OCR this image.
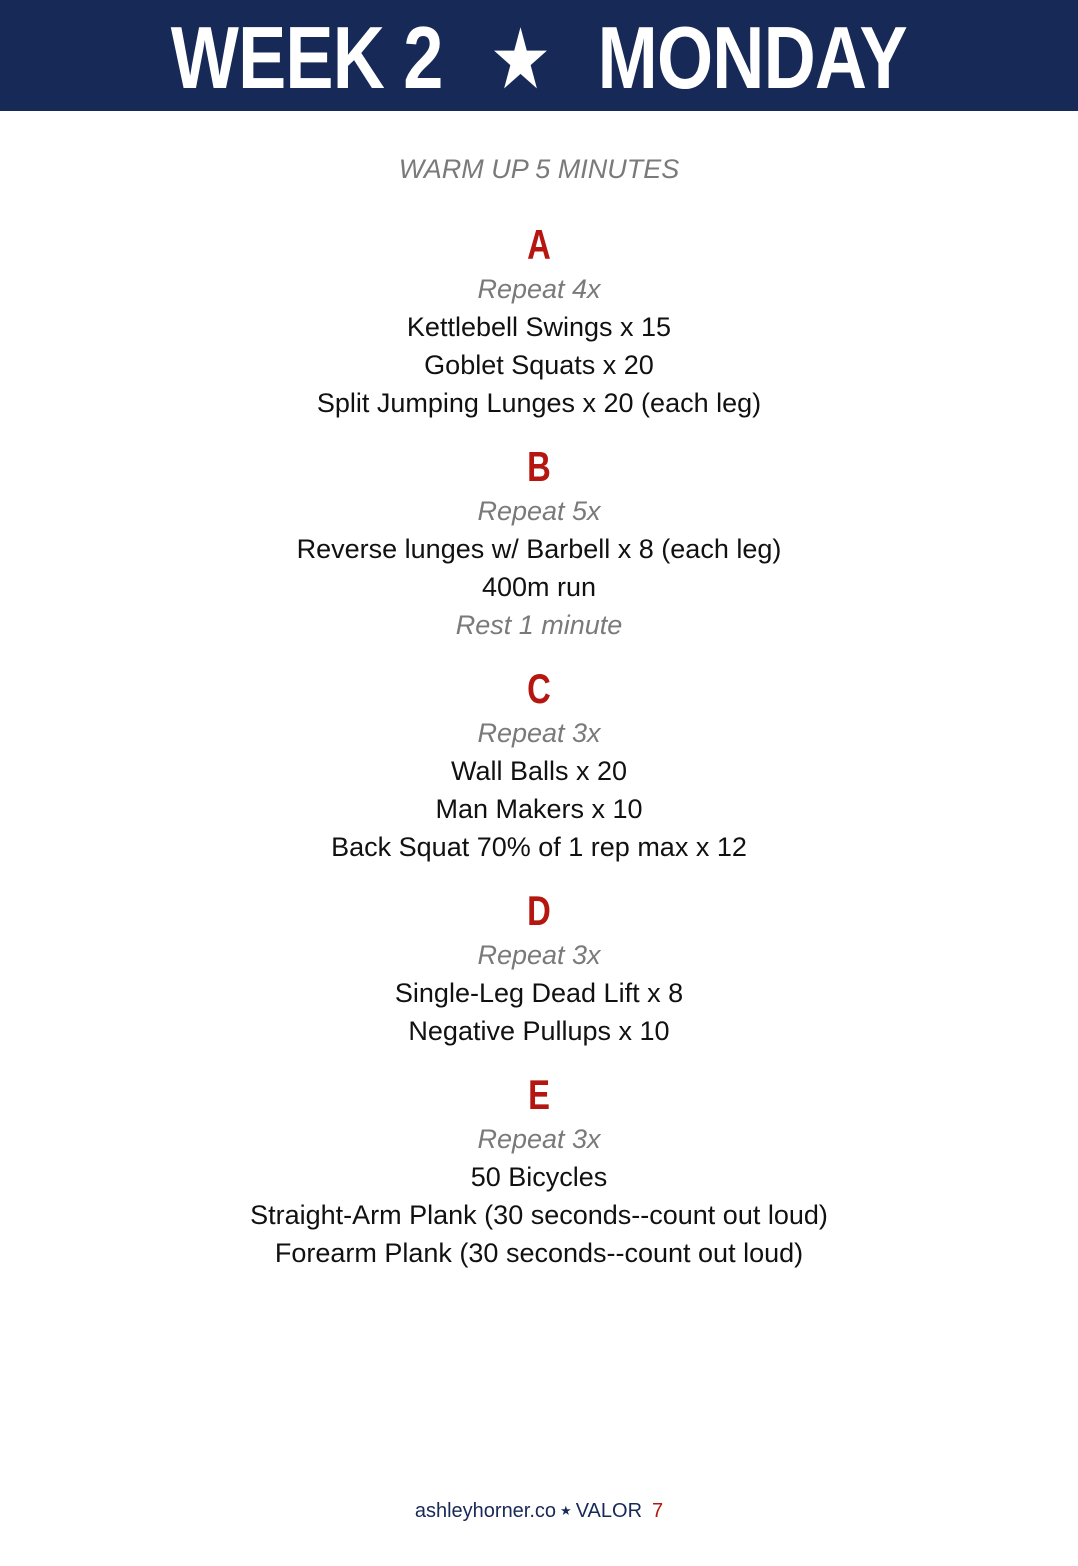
WEEK 2 ★ MONDAY
WARM UP 5 MINUTES
A
Repeat 4x
Kettlebell Swings x 15
Goblet Squats x 20
Split Jumping Lunges x 20 (each leg)
B
Repeat 5x
Reverse lunges w/ Barbell x 8 (each leg)
400m run
Rest 1 minute
C
Repeat 3x
Wall Balls x 20
Man Makers x 10
Back Squat 70% of 1 rep max x 12
D
Repeat 3x
Single-Leg Dead Lift x 8
Negative Pullups x 10
E
Repeat 3x
50 Bicycles
Straight-Arm Plank (30 seconds--count out loud)
Forearm Plank (30 seconds--count out loud)
ashleyhorner.co ★ VALOR 7
